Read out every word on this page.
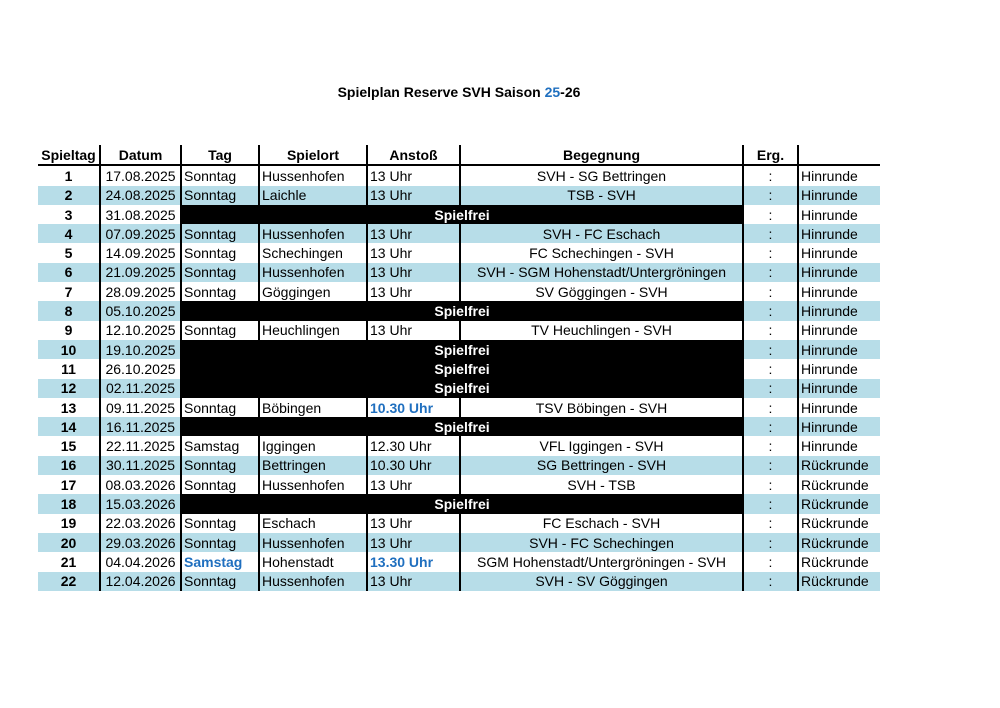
Spielplan Reserve SVH Saison 25-26
Spieltag	Datum	Tag	Spielort	Anstoß	Begegnung	Erg.	
1	17.08.2025	Sonntag	Hussenhofen	13 Uhr	SVH - SG Bettringen	:	Hinrunde
2	24.08.2025	Sonntag	Laichle	13 Uhr	TSB - SVH	:	Hinrunde
3	31.08.2025	Spielfrei				:	Hinrunde
4	07.09.2025	Sonntag	Hussenhofen	13 Uhr	SVH - FC Eschach	:	Hinrunde
5	14.09.2025	Sonntag	Schechingen	13 Uhr	FC Schechingen - SVH	:	Hinrunde
6	21.09.2025	Sonntag	Hussenhofen	13 Uhr	SVH - SGM Hohenstadt/Untergröningen	:	Hinrunde
7	28.09.2025	Sonntag	Göggingen	13 Uhr	SV Göggingen - SVH	:	Hinrunde
8	05.10.2025	Spielfrei				:	Hinrunde
9	12.10.2025	Sonntag	Heuchlingen	13 Uhr	TV Heuchlingen - SVH	:	Hinrunde
10	19.10.2025	Spielfrei				:	Hinrunde
11	26.10.2025	Spielfrei				:	Hinrunde
12	02.11.2025	Spielfrei				:	Hinrunde
13	09.11.2025	Sonntag	Böbingen	10.30 Uhr	TSV Böbingen - SVH	:	Hinrunde
14	16.11.2025	Spielfrei				:	Hinrunde
15	22.11.2025	Samstag	Iggingen	12.30 Uhr	VFL Iggingen - SVH	:	Hinrunde
16	30.11.2025	Sonntag	Bettringen	10.30 Uhr	SG Bettringen - SVH	:	Rückrunde
17	08.03.2026	Sonntag	Hussenhofen	13 Uhr	SVH - TSB	:	Rückrunde
18	15.03.2026	Spielfrei				:	Rückrunde
19	22.03.2026	Sonntag	Eschach	13 Uhr	FC Eschach - SVH	:	Rückrunde
20	29.03.2026	Sonntag	Hussenhofen	13 Uhr	SVH - FC Schechingen	:	Rückrunde
21	04.04.2026	Samstag	Hohenstadt	13.30 Uhr	SGM Hohenstadt/Untergröningen - SVH	:	Rückrunde
22	12.04.2026	Sonntag	Hussenhofen	13 Uhr	SVH - SV Göggingen	:	Rückrunde
